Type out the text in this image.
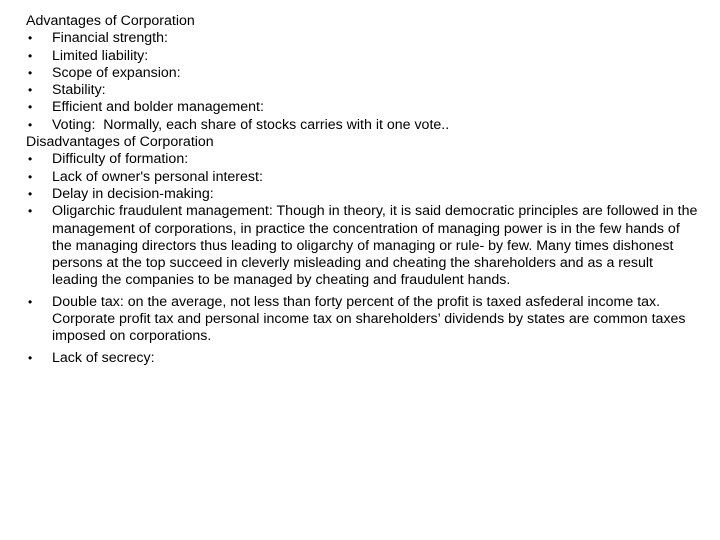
Advantages of Corporation
• Financial strength:
• Limited liability:
• Scope of expansion:
• Stability:
• Efficient and bolder management:
• Voting:  Normally, each share of stocks carries with it one vote..
Disadvantages of Corporation
• Difficulty of formation:
• Lack of owner's personal interest:
• Delay in decision-making:
• Oligarchic fraudulent management: Though in theory, it is said democratic principles are followed in the management of corporations, in practice the concentration of managing power is in the few hands of the managing directors thus leading to oligarchy of managing or rule- by few. Many times dishonest persons at the top succeed in cleverly misleading and cheating the shareholders and as a result leading the companies to be managed by cheating and fraudulent hands.
• Double tax: on the average, not less than forty percent of the profit is taxed asfederal income tax. Corporate profit tax and personal income tax on shareholders’ dividends by states are common taxes imposed on corporations.
• Lack of secrecy:
